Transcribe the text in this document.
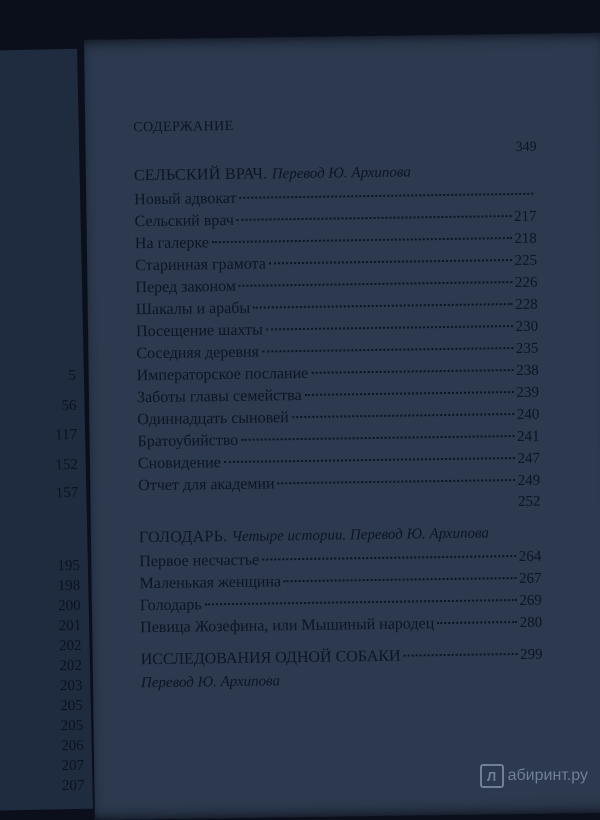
5
56
117
152
157
195
198
200
201
202
202
203
205
205
206
207
207
СОДЕРЖАНИЕ
349
СЕЛЬСКИЙ ВРАЧ. Перевод Ю. Архипова
Новый адвокат
Сельский врач	217
На галерке	218
Старинная грамота	225
Перед законом	226
Шакалы и арабы	228
Посещение шахты	230
Соседняя деревня	235
Императорское послание	238
Заботы главы семейства	239
Одиннадцать сыновей	240
Братоубийство	241
Сновидение	247
Отчет для академии	249
252
ГОЛОДАРЬ. Четыре истории. Перевод Ю. Архипова
Первое несчастье	264
Маленькая женщина	267
Голодарь	269
Певица Жозефина, или Мышиный народец	280
ИССЛЕДОВАНИЯ ОДНОЙ СОБАКИ	299
Перевод Ю. Архипова
Л абиринт.ру
